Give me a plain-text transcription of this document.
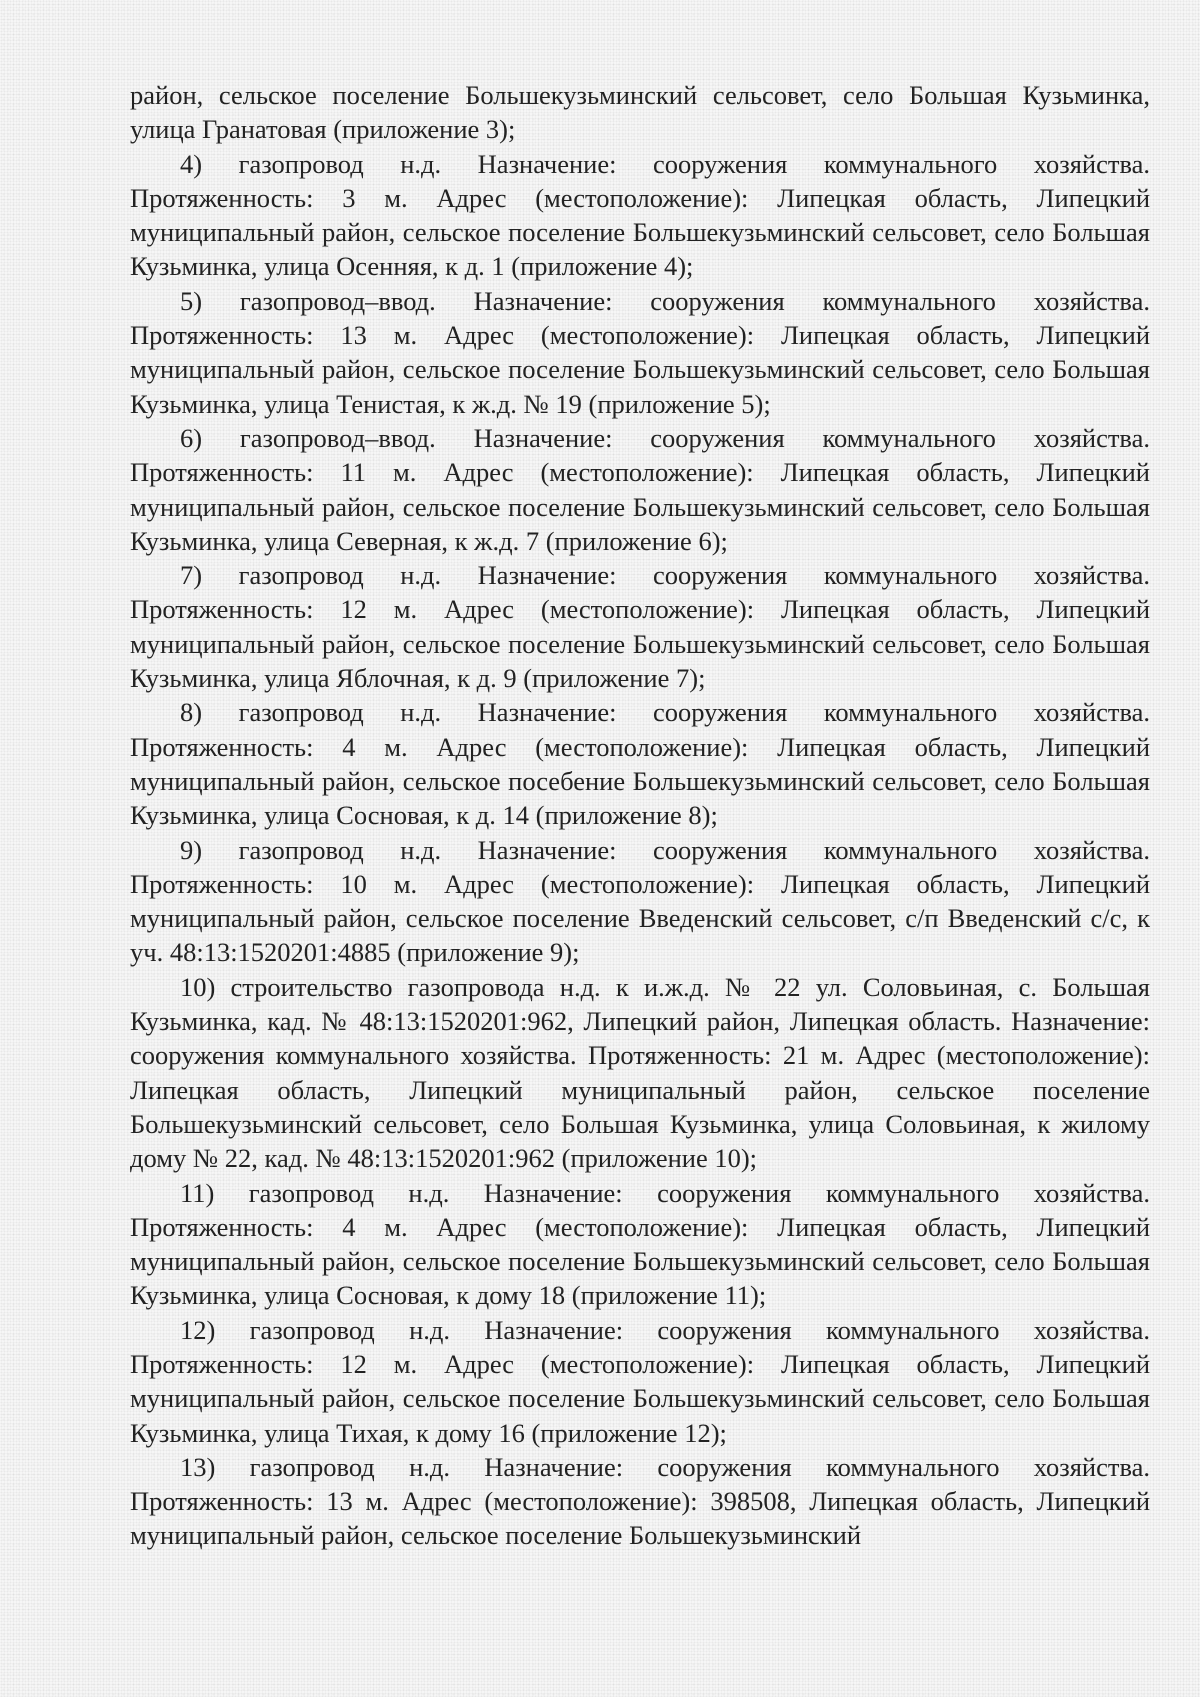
район, сельское поселение Большекузьминский сельсовет, село Большая Кузьминка, улица Гранатовая (приложение 3);

4) газопровод н.д. Назначение: сооружения коммунального хозяйства. Протяженность: 3 м. Адрес (местоположение): Липецкая область, Липецкий муниципальный район, сельское поселение Большекузьминский сельсовет, село Большая Кузьминка, улица Осенняя, к д. 1 (приложение 4);

5) газопровод–ввод. Назначение: сооружения коммунального хозяйства. Протяженность: 13 м. Адрес (местоположение): Липецкая область, Липецкий муниципальный район, сельское поселение Большекузьминский сельсовет, село Большая Кузьминка, улица Тенистая, к ж.д. № 19 (приложение 5);

6) газопровод–ввод. Назначение: сооружения коммунального хозяйства. Протяженность: 11 м. Адрес (местоположение): Липецкая область, Липецкий муниципальный район, сельское поселение Большекузьминский сельсовет, село Большая Кузьминка, улица Северная, к ж.д. 7 (приложение 6);

7) газопровод н.д. Назначение: сооружения коммунального хозяйства. Протяженность: 12 м. Адрес (местоположение): Липецкая область, Липецкий муниципальный район, сельское поселение Большекузьминский сельсовет, село Большая Кузьминка, улица Яблочная, к д. 9 (приложение 7);

8) газопровод н.д. Назначение: сооружения коммунального хозяйства. Протяженность: 4 м. Адрес (местоположение): Липецкая область, Липецкий муниципальный район, сельское посебение Большекузьминский сельсовет, село Большая Кузьминка, улица Сосновая, к д. 14 (приложение 8);

9) газопровод н.д. Назначение: сооружения коммунального хозяйства. Протяженность: 10 м. Адрес (местоположение): Липецкая область, Липецкий муниципальный район, сельское поселение Введенский сельсовет, с/п Введенский с/с, к уч. 48:13:1520201:4885 (приложение 9);

10) строительство газопровода н.д. к и.ж.д. № 22 ул. Соловьиная, с. Большая Кузьминка, кад. № 48:13:1520201:962, Липецкий район, Липецкая область. Назначение: сооружения коммунального хозяйства. Протяженность: 21 м. Адрес (местоположение): Липецкая область, Липецкий муниципальный район, сельское поселение Большекузьминский сельсовет, село Большая Кузьминка, улица Соловьиная, к жилому дому № 22, кад. № 48:13:1520201:962 (приложение 10);

11) газопровод н.д. Назначение: сооружения коммунального хозяйства. Протяженность: 4 м. Адрес (местоположение): Липецкая область, Липецкий муниципальный район, сельское поселение Большекузьминский сельсовет, село Большая Кузьминка, улица Сосновая, к дому 18 (приложение 11);

12) газопровод н.д. Назначение: сооружения коммунального хозяйства. Протяженность: 12 м. Адрес (местоположение): Липецкая область, Липецкий муниципальный район, сельское поселение Большекузьминский сельсовет, село Большая Кузьминка, улица Тихая, к дому 16 (приложение 12);

13) газопровод н.д. Назначение: сооружения коммунального хозяйства. Протяженность: 13 м. Адрес (местоположение): 398508, Липецкая область, Липецкий муниципальный район, сельское поселение Большекузьминский
